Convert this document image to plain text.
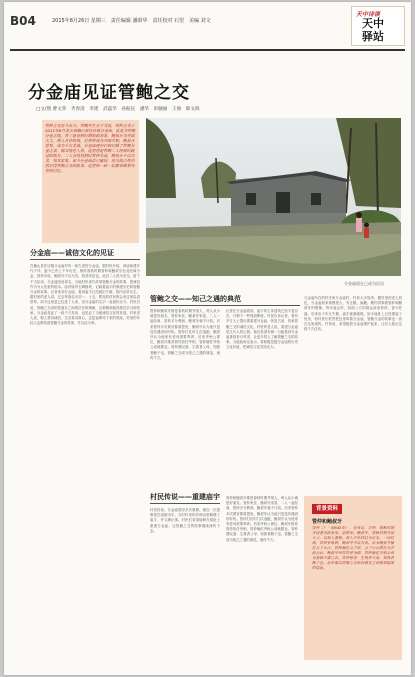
B04	2015年8月26日 星期三　责任编辑 潘昭华　责任校对 石望　美编 刘文　
天中诗谈
天中
驿站
分金庙见证管鲍之交
□文/图 曹文荣　齐春清　李建　武磊华　孙振民　潘华　彭毓丽　王俊　韩文海
管仲之交至今名言。管鲍共生天下为说，管仲之交于2015年8月某天到确山县任店镇分金庙，此处为管鲍分金之地。管子是春秋时期的政治家，鲍叔牙为齐国大夫，两人合作经商，后管仲成为齐国宰相，鲍叔牙荐贤，成为千古美谈。分金庙现存石碑记载了管鲍分金之事，据当地老人讲，这里曾是管鲍二人经商时路过的地方，二人分得利润时管仲多取，鲍叔牙不以为贪，知其家贫。如今分金庙虽已破旧，但当地百姓仍然记得管鲍之交的故事。这里的一砖一瓦都承载着历史的记忆。
分金庙现在已成为民居
分金庙——诚信文化的见证
在确山县任店镇分金庙村有一座古老的分金庙，据村民介绍，该庙始建年代不详，距今已有上千年历史。相传春秋时期管仲和鲍叔牙在此经商分金，管仲多取，鲍叔牙不以为贪，知其家贫也。此后二人成为至交，留下千古佳话。分金庙因此得名。当地村民世代传颂管鲍分金的故事，把诚信作为为人处世的根本。庙内原有石碑数块，记载着庙宇的修建历史和管鲍分金的故事。记者来到分金庙，看到庙宇已经破旧不堪，院内杂草丛生。据村里的老人讲，过去每逢农历初一、十五，附近的村民都会来这里烧香祭拜。如今这里虽已住进了人家，但分金庙的名字一直流传至今。村民们说，管鲍之交讲的是朋友之间的信任和理解，这种精神值得我们学习和传承。分金庙见证了一段千古美谈，也见证了当地诚信文化的发展。村里老人说，做人要讲诚信，交友要讲真心，这是祖辈传下来的规矩。村里的年轻人也都知道管鲍分金的故事，并以此为荣。
管鲍之交——知己之遇的典范
管仲和鲍叔牙都是春秋时期齐国人，两人从小就是好朋友。管仲家贫，鲍叔牙家富，二人一起经商，管仲多分利润，鲍叔牙毫不计较。后来管仲多次做官都被罢免，鲍叔牙认为他只是没有遇到好时机。管仲打仗时几次逃跑，鲍叔牙认为他家有老母需要奉养。后来齐桓公即位，鲍叔牙推荐管仲担任宰相，管仲辅佐齐桓公成就霸业。管仲感叹道：生我者父母，知我者鲍子也。管鲍之交成为知己之遇的典范，流传千古。
记者在分金庙看到，庙宇的主体建筑已经不复存在，只剩下一些残垣断壁。村民告诉记者，曾有多方人士提出要重建分金庙，恢复古迹，传承管鲍之交的诚信文化。村里的老人说，重建分金庙是几代人的心愿。他们希望有朝一日能看到分金庙重现昔日风采，让更多的人了解管鲍之交的故事。当地政府也表示，将积极挖掘分金庙的历史文化价值，把诚信文化发扬光大。
分金庙所在的村庄叫分金庙村，村民大多姓李。据村里的老人回忆，分金庙原来规模很大，有正殿、偏殿，殿内供奉着管仲和鲍叔牙的塑像。每年庙会时，四面八方的群众前来祭拜，香火旺盛。后来由于年久失修，庙宇逐渐破败。如今庙址上已经建起了民房，但村民们依然把这里叫做分金庙，管鲍分金的故事也一直在这里流传。村民说，希望能把分金庙保护起来，让后人铭记这段千古佳话。
村民传说——重建庙宇
村民传说，分金庙曾经多次重修。最近一次重修是在清朝末年，当时村里的乡绅出资修缮了庙宇，并立碑记事。村民们希望能够在原址上重建分金庙，让管鲍之交的故事继续流传下去。
管仲和鲍叔牙都是春秋时期齐国人，两人从小就是好朋友。管仲家贫，鲍叔牙家富，二人一起经商，管仲多分利润，鲍叔牙毫不计较。后来管仲多次做官都被罢免，鲍叔牙认为他只是没有遇到好时机。管仲打仗时几次逃跑，鲍叔牙认为他家有老母需要奉养。后来齐桓公即位，鲍叔牙推荐管仲担任宰相，管仲辅佐齐桓公成就霸业。管仲感叹道：生我者父母，知我者鲍子也。管鲍之交成为知己之遇的典范，流传千古。
背景资料
管仲和鲍叔牙
管仲（？－前645年），名夷吾，字仲，春秋时期齐国著名政治家、思想家。鲍叔牙，春秋时期齐国大夫，以知人著称。两人少年时结为好友，一同经商，管仲多取利，鲍叔牙不以为贪。后来鲍叔牙辅佐公子小白，管仲辅佐公子纠，公子小白即位为齐桓公后，鲍叔牙举荐管仲为相，管仲辅佐齐桓公成为春秋五霸之首。管仲曾说：生我者父母，知我者鲍子也。后世遂以管鲍之交形容朋友之间相知很深的情谊。
